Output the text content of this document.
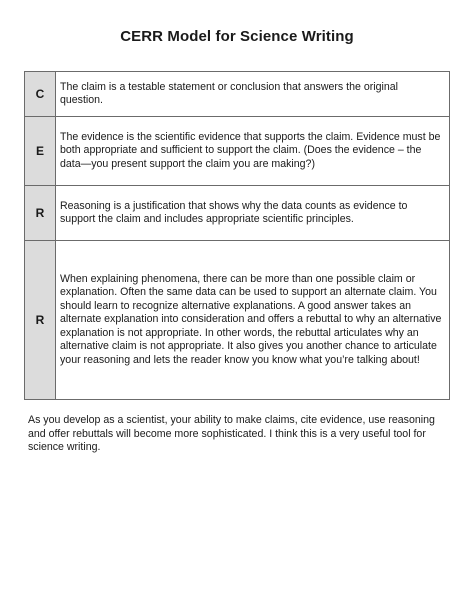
CERR Model for Science Writing
C
The claim is a testable statement or conclusion that answers the original question.
E
The evidence is the scientific evidence that supports the claim. Evidence must be both appropriate and sufficient to support the claim. (Does the evidence – the data—you present support the claim you are making?)
R
Reasoning is a justification that shows why the data counts as evidence to support the claim and includes appropriate scientific principles.
R
When explaining phenomena, there can be more than one possible claim or explanation. Often the same data can be used to support an alternate claim. You should learn to recognize alternative explanations. A good answer takes an alternate explanation into consideration and offers a rebuttal to why an alternative explanation is not appropriate. In other words, the rebuttal articulates why an alternative claim is not appropriate. It also gives you another chance to articulate your reasoning and lets the reader know you know what you’re talking about!
As you develop as a scientist, your ability to make claims, cite evidence, use reasoning and offer rebuttals will become more sophisticated. I think this is a very useful tool for science writing.
